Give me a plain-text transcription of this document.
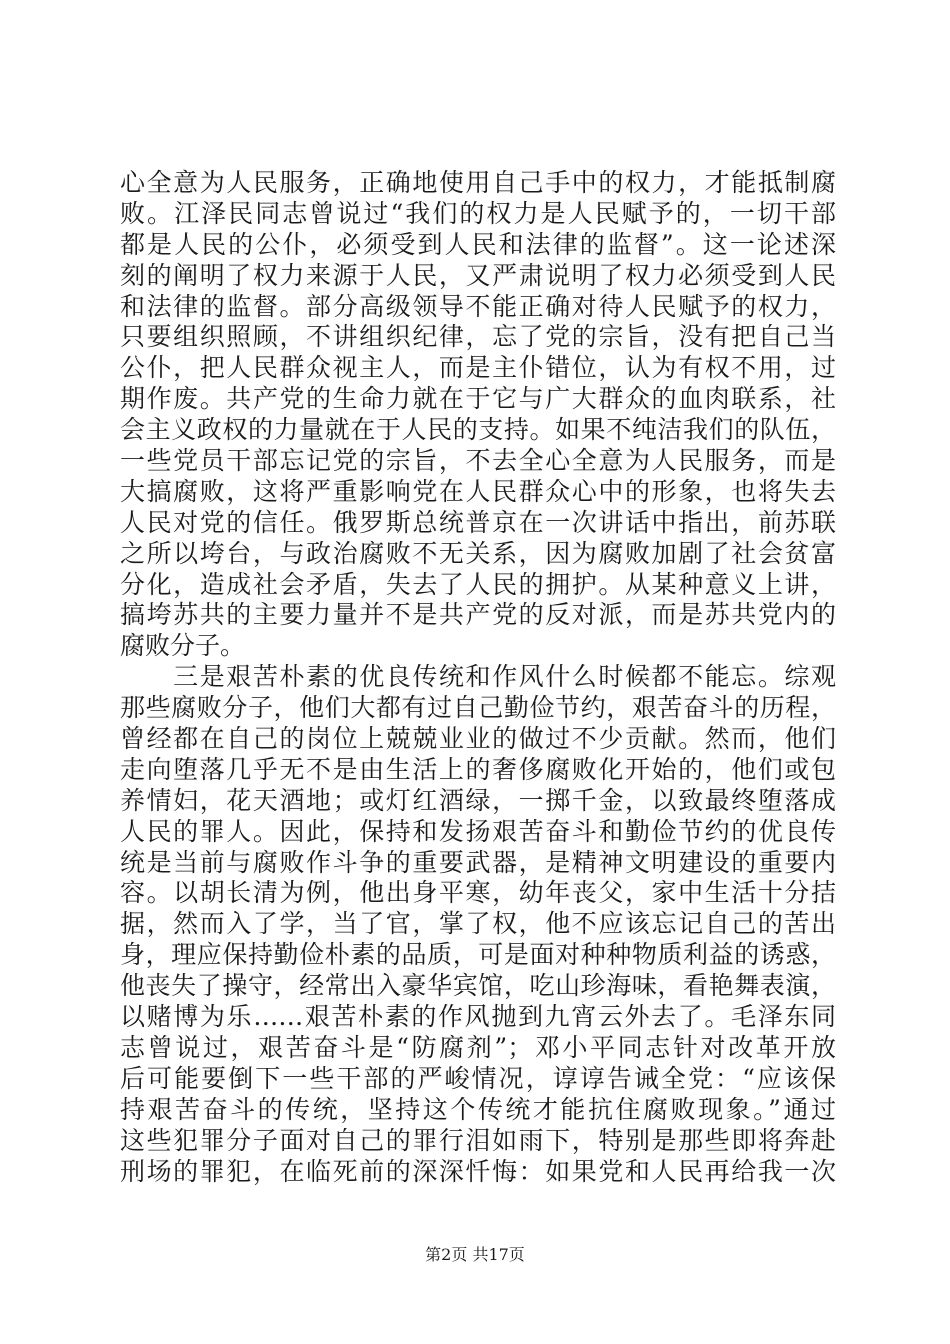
心全意为人民服务，正确地使用自己手中的权力，才能抵制腐
败。江泽民同志曾说过“我们的权力是人民赋予的，一切干部
都是人民的公仆，必须受到人民和法律的监督”。这一论述深
刻的阐明了权力来源于人民，又严肃说明了权力必须受到人民
和法律的监督。部分高级领导不能正确对待人民赋予的权力，
只要组织照顾，不讲组织纪律，忘了党的宗旨，没有把自己当
公仆，把人民群众视主人，而是主仆错位，认为有权不用，过
期作废。共产党的生命力就在于它与广大群众的血肉联系，社
会主义政权的力量就在于人民的支持。如果不纯洁我们的队伍，
一些党员干部忘记党的宗旨，不去全心全意为人民服务，而是
大搞腐败，这将严重影响党在人民群众心中的形象，也将失去
人民对党的信任。俄罗斯总统普京在一次讲话中指出，前苏联
之所以垮台，与政治腐败不无关系，因为腐败加剧了社会贫富
分化，造成社会矛盾，失去了人民的拥护。从某种意义上讲，
搞垮苏共的主要力量并不是共产党的反对派，而是苏共党内的
腐败分子。
　　三是艰苦朴素的优良传统和作风什么时候都不能忘。综观
那些腐败分子，他们大都有过自己勤俭节约，艰苦奋斗的历程，
曾经都在自己的岗位上兢兢业业的做过不少贡献。然而，他们
走向堕落几乎无不是由生活上的奢侈腐败化开始的，他们或包
养情妇，花天酒地；或灯红酒绿，一掷千金，以致最终堕落成
人民的罪人。因此，保持和发扬艰苦奋斗和勤俭节约的优良传
统是当前与腐败作斗争的重要武器，是精神文明建设的重要内
容。以胡长清为例，他出身平寒，幼年丧父，家中生活十分拮
据，然而入了学，当了官，掌了权，他不应该忘记自己的苦出
身，理应保持勤俭朴素的品质，可是面对种种物质利益的诱惑，
他丧失了操守，经常出入豪华宾馆，吃山珍海味，看艳舞表演，
以赌博为乐……艰苦朴素的作风抛到九宵云外去了。毛泽东同
志曾说过，艰苦奋斗是“防腐剂”；邓小平同志针对改革开放
后可能要倒下一些干部的严峻情况，谆谆告诫全党：“应该保
持艰苦奋斗的传统，坚持这个传统才能抗住腐败现象。”通过
这些犯罪分子面对自己的罪行泪如雨下，特别是那些即将奔赴
刑场的罪犯，在临死前的深深忏悔：如果党和人民再给我一次
第2页 共17页
